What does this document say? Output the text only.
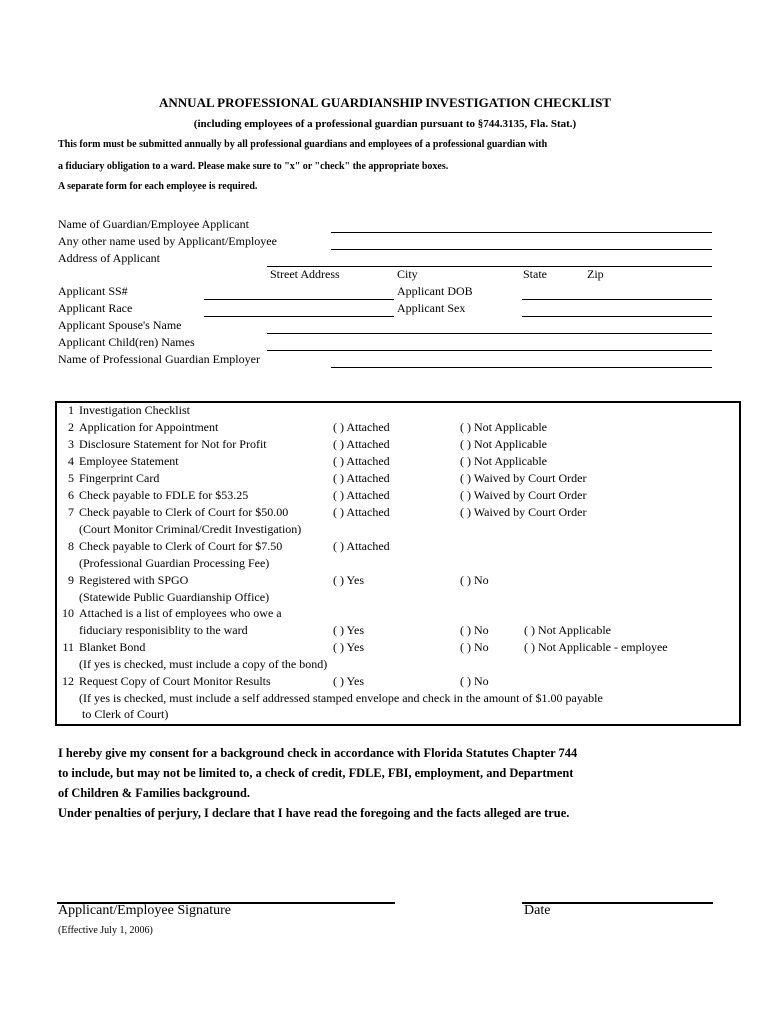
ANNUAL PROFESSIONAL GUARDIANSHIP INVESTIGATION CHECKLIST
(including employees of a professional guardian pursuant to §744.3135, Fla. Stat.)
This form must be submitted annually by all professional guardians and employees of a professional guardian with
a fiduciary obligation to a ward. Please make sure to "x" or "check" the appropriate boxes.
A separate form for each employee is required.
Name of Guardian/Employee Applicant
Any other name used by Applicant/Employee
Address of Applicant
Street Address	City	State	Zip
Applicant SS#	Applicant DOB
Applicant Race	Applicant Sex
Applicant Spouse's Name
Applicant Child(ren) Names
Name of Professional Guardian Employer
1 Investigation Checklist
2 Application for Appointment	( ) Attached	( ) Not Applicable
3 Disclosure Statement for Not for Profit	( ) Attached	( ) Not Applicable
4 Employee Statement	( ) Attached	( ) Not Applicable
5 Fingerprint Card	( ) Attached	( ) Waived by Court Order
6 Check payable to FDLE for $53.25	( ) Attached	( ) Waived by Court Order
7 Check payable to Clerk of Court for $50.00	( ) Attached	( ) Waived by Court Order
(Court Monitor Criminal/Credit Investigation)
8 Check payable to Clerk of Court for $7.50	( ) Attached
(Professional Guardian Processing Fee)
9 Registered with SPGO	( ) Yes	( ) No
(Statewide Public Guardianship Office)
10 Attached is a list of employees who owe a
fiduciary responisiblity to the ward	( ) Yes	( ) No	( ) Not Applicable
11 Blanket Bond	( ) Yes	( ) No	( ) Not Applicable - employee
(If yes is checked, must include a copy of the bond)
12 Request Copy of Court Monitor Results	( ) Yes	( ) No
(If yes is checked, must include a self addressed stamped envelope and check in the amount of $1.00 payable
to Clerk of Court)
I hereby give my consent for a background check in accordance with Florida Statutes Chapter 744
to include, but may not be limited to, a check of credit, FDLE, FBI, employment, and Department
of Children & Families background.
Under penalties of perjury, I declare that I have read the foregoing and the facts alleged are true.
Applicant/Employee Signature	Date
(Effective July 1, 2006)
